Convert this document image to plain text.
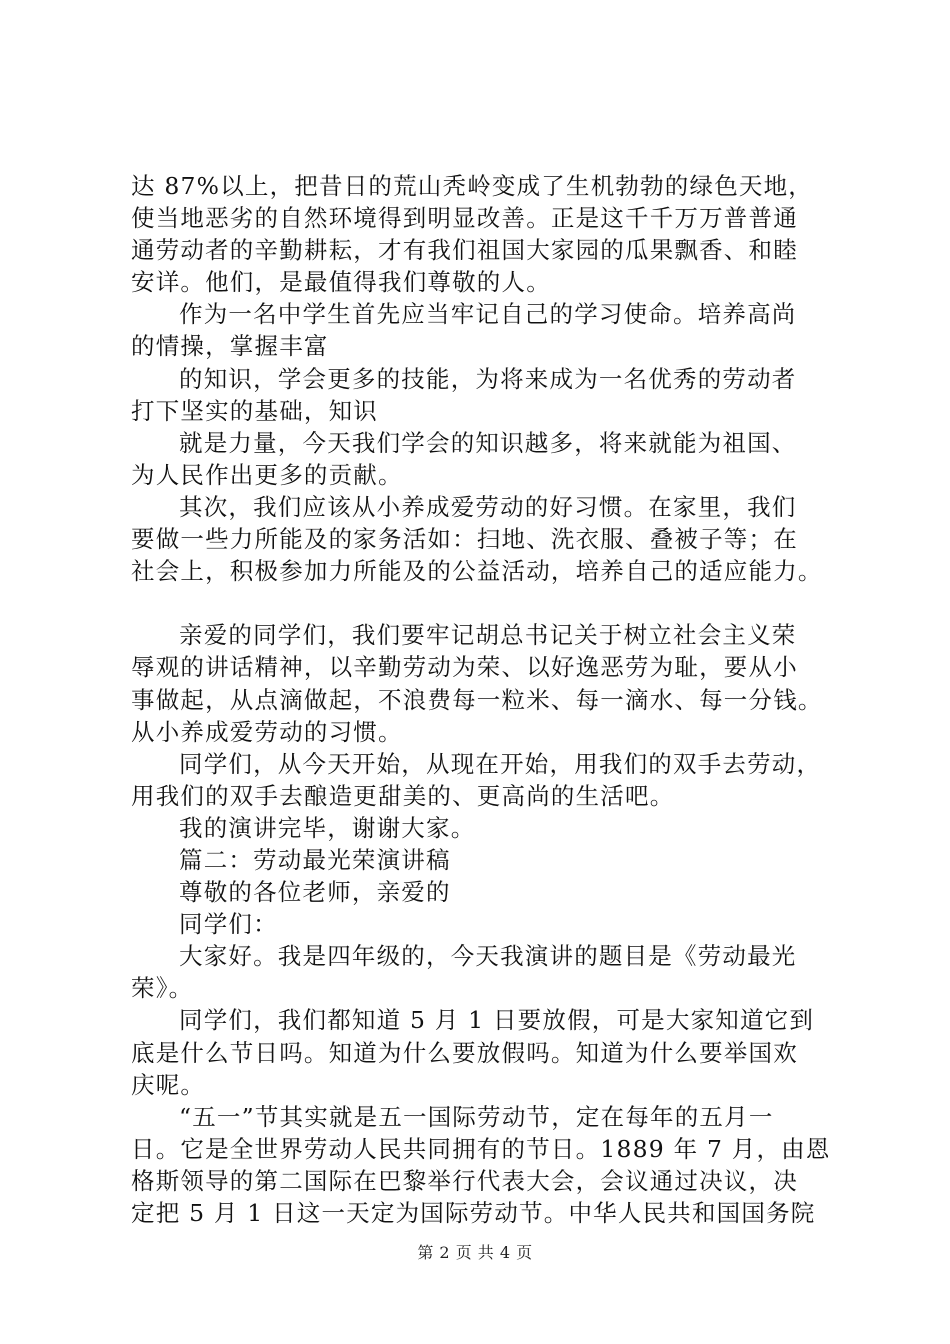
达 87%以上，把昔日的荒山秃岭变成了生机勃勃的绿色天地，
使当地恶劣的自然环境得到明显改善。正是这千千万万普普通
通劳动者的辛勤耕耘，才有我们祖国大家园的瓜果飘香、和睦
安详。他们，是最值得我们尊敬的人。
作为一名中学生首先应当牢记自己的学习使命。培养高尚
的情操，掌握丰富
的知识，学会更多的技能，为将来成为一名优秀的劳动者
打下坚实的基础，知识
就是力量，今天我们学会的知识越多，将来就能为祖国、
为人民作出更多的贡献。
其次，我们应该从小养成爱劳动的好习惯。在家里，我们
要做一些力所能及的家务活如：扫地、洗衣服、叠被子等；在
社会上，积极参加力所能及的公益活动，培养自己的适应能力。
亲爱的同学们，我们要牢记胡总书记关于树立社会主义荣
辱观的讲话精神，以辛勤劳动为荣、以好逸恶劳为耻，要从小
事做起，从点滴做起，不浪费每一粒米、每一滴水、每一分钱。
从小养成爱劳动的习惯。
同学们，从今天开始，从现在开始，用我们的双手去劳动，
用我们的双手去酿造更甜美的、更高尚的生活吧。
我的演讲完毕，谢谢大家。
篇二：劳动最光荣演讲稿
尊敬的各位老师，亲爱的
同学们：
大家好。我是四年级的，今天我演讲的题目是《劳动最光
荣》。
同学们，我们都知道 5 月 1 日要放假，可是大家知道它到
底是什么节日吗。知道为什么要放假吗。知道为什么要举国欢
庆呢。
“五一”节其实就是五一国际劳动节，定在每年的五月一
日。它是全世界劳动人民共同拥有的节日。1889 年 7 月，由恩
格斯领导的第二国际在巴黎举行代表大会，会议通过决议，决
定把 5 月 1 日这一天定为国际劳动节。中华人民共和国国务院
第 2 页 共 4 页
